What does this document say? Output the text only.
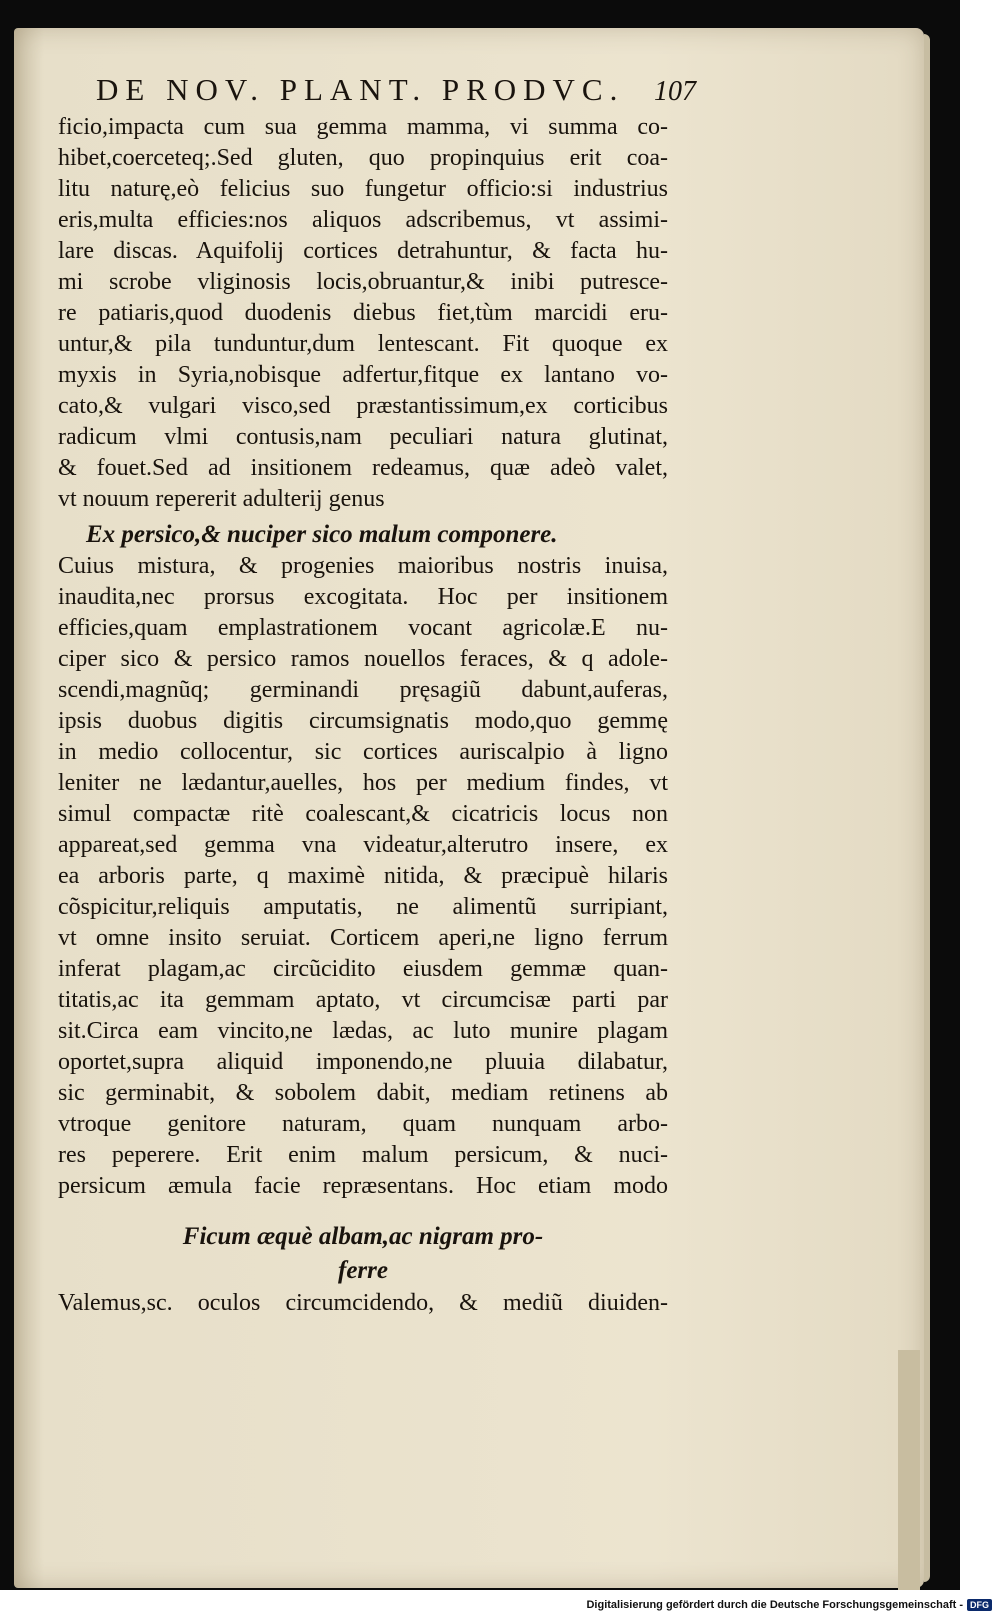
DE NOV. PLANT. PRODVC. 107
ficio,impacta cum sua gemma mamma, vi summa co-
hibet,coerceteq;.Sed gluten, quo propinquius erit coa-
litu naturę,eò felicius suo fungetur officio:si industrius
eris,multa efficies:nos aliquos adscribemus, vt assimi-
lare discas. Aquifolij cortices detrahuntur, & facta hu-
mi scrobe vliginosis locis,obruantur,& inibi putresce-
re patiaris,quod duodenis diebus fiet,tùm marcidi eru-
untur,& pila tunduntur,dum lentescant. Fit quoque ex
myxis in Syria,nobisque adfertur,fitque ex lantano vo-
cato,& vulgari visco,sed præstantissimum,ex corticibus
radicum vlmi contusis,nam peculiari natura glutinat,
& fouet.Sed ad insitionem redeamus, quæ adeò valet,
vt nouum repererit adulterij genus
Ex persico,& nuciper sico malum componere.
Cuius mistura, & progenies maioribus nostris inuisa,
inaudita,nec prorsus excogitata. Hoc per insitionem
efficies,quam emplastrationem vocant agricolæ.E nu-
ciper sico & persico ramos nouellos feraces, & q adole-
scendi,magnũq; germinandi pręsagiũ dabunt,auferas,
ipsis duobus digitis circumsignatis modo,quo gemmę
in medio collocentur, sic cortices auriscalpio à ligno
leniter ne lædantur,auelles, hos per medium findes, vt
simul compactæ ritè coalescant,& cicatricis locus non
appareat,sed gemma vna videatur,alterutro insere, ex
ea arboris parte, q maximè nitida, & præcipuè hilaris
cõspicitur,reliquis amputatis, ne alimentũ surripiant,
vt omne insito seruiat. Corticem aperi,ne ligno ferrum
inferat plagam,ac circũcidito eiusdem gemmæ quan-
titatis,ac ita gemmam aptato, vt circumcisæ parti par
sit.Circa eam vincito,ne lædas, ac luto munire plagam
oportet,supra aliquid imponendo,ne pluuia dilabatur,
sic germinabit, & sobolem dabit, mediam retinens ab
vtroque genitore naturam, quam nunquam arbo-
res peperere. Erit enim malum persicum, & nuci-
persicum æmula facie repræsentans. Hoc etiam modo
Ficum æquè albam,ac nigram pro-
ferre
Valemus,sc. oculos circumcidendo, & mediũ diuiden-
Digitalisierung gefördert durch die Deutsche Forschungsgemeinschaft - DFG
